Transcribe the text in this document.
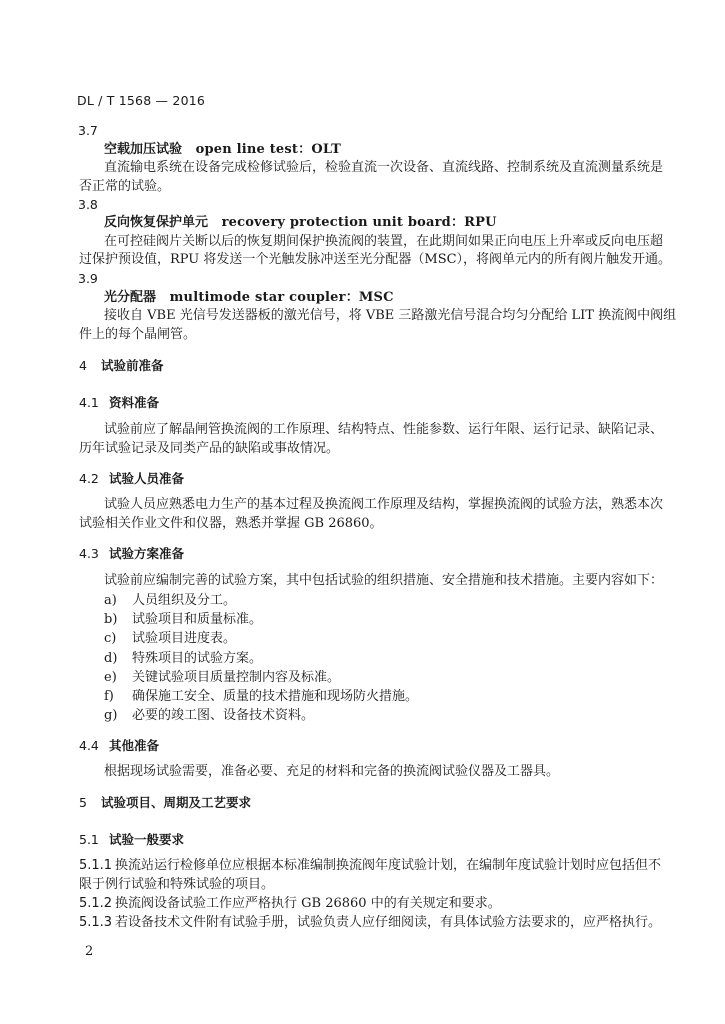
DL / T 1568 — 2016
3.7
空载加压试验 open line test：OLT
直流输电系统在设备完成检修试验后，检验直流一次设备、直流线路、控制系统及直流测量系统是
否正常的试验。
3.8
反向恢复保护单元 recovery protection unit board：RPU
在可控硅阀片关断以后的恢复期间保护换流阀的装置，在此期间如果正向电压上升率或反向电压超
过保护预设值，RPU 将发送一个光触发脉冲送至光分配器（MSC），将阀单元内的所有阀片触发开通。
3.9
光分配器 multimode star coupler：MSC
接收自 VBE 光信号发送器板的激光信号，将 VBE 三路激光信号混合均匀分配给 LIT 换流阀中阀组
件上的每个晶闸管。
4 试验前准备
4.1 资料准备
试验前应了解晶闸管换流阀的工作原理、结构特点、性能参数、运行年限、运行记录、缺陷记录、
历年试验记录及同类产品的缺陷或事故情况。
4.2 试验人员准备
试验人员应熟悉电力生产的基本过程及换流阀工作原理及结构，掌握换流阀的试验方法，熟悉本次
试验相关作业文件和仪器，熟悉并掌握 GB 26860。
4.3 试验方案准备
试验前应编制完善的试验方案，其中包括试验的组织措施、安全措施和技术措施。主要内容如下：
a) 人员组织及分工。
b) 试验项目和质量标准。
c) 试验项目进度表。
d) 特殊项目的试验方案。
e) 关键试验项目质量控制内容及标准。
f) 确保施工安全、质量的技术措施和现场防火措施。
g) 必要的竣工图、设备技术资料。
4.4 其他准备
根据现场试验需要，准备必要、充足的材料和完备的换流阀试验仪器及工器具。
5 试验项目、周期及工艺要求
5.1 试验一般要求
5.1.1 换流站运行检修单位应根据本标准编制换流阀年度试验计划，在编制年度试验计划时应包括但不
限于例行试验和特殊试验的项目。
5.1.2 换流阀设备试验工作应严格执行 GB 26860 中的有关规定和要求。
5.1.3 若设备技术文件附有试验手册，试验负责人应仔细阅读，有具体试验方法要求的，应严格执行。
2
